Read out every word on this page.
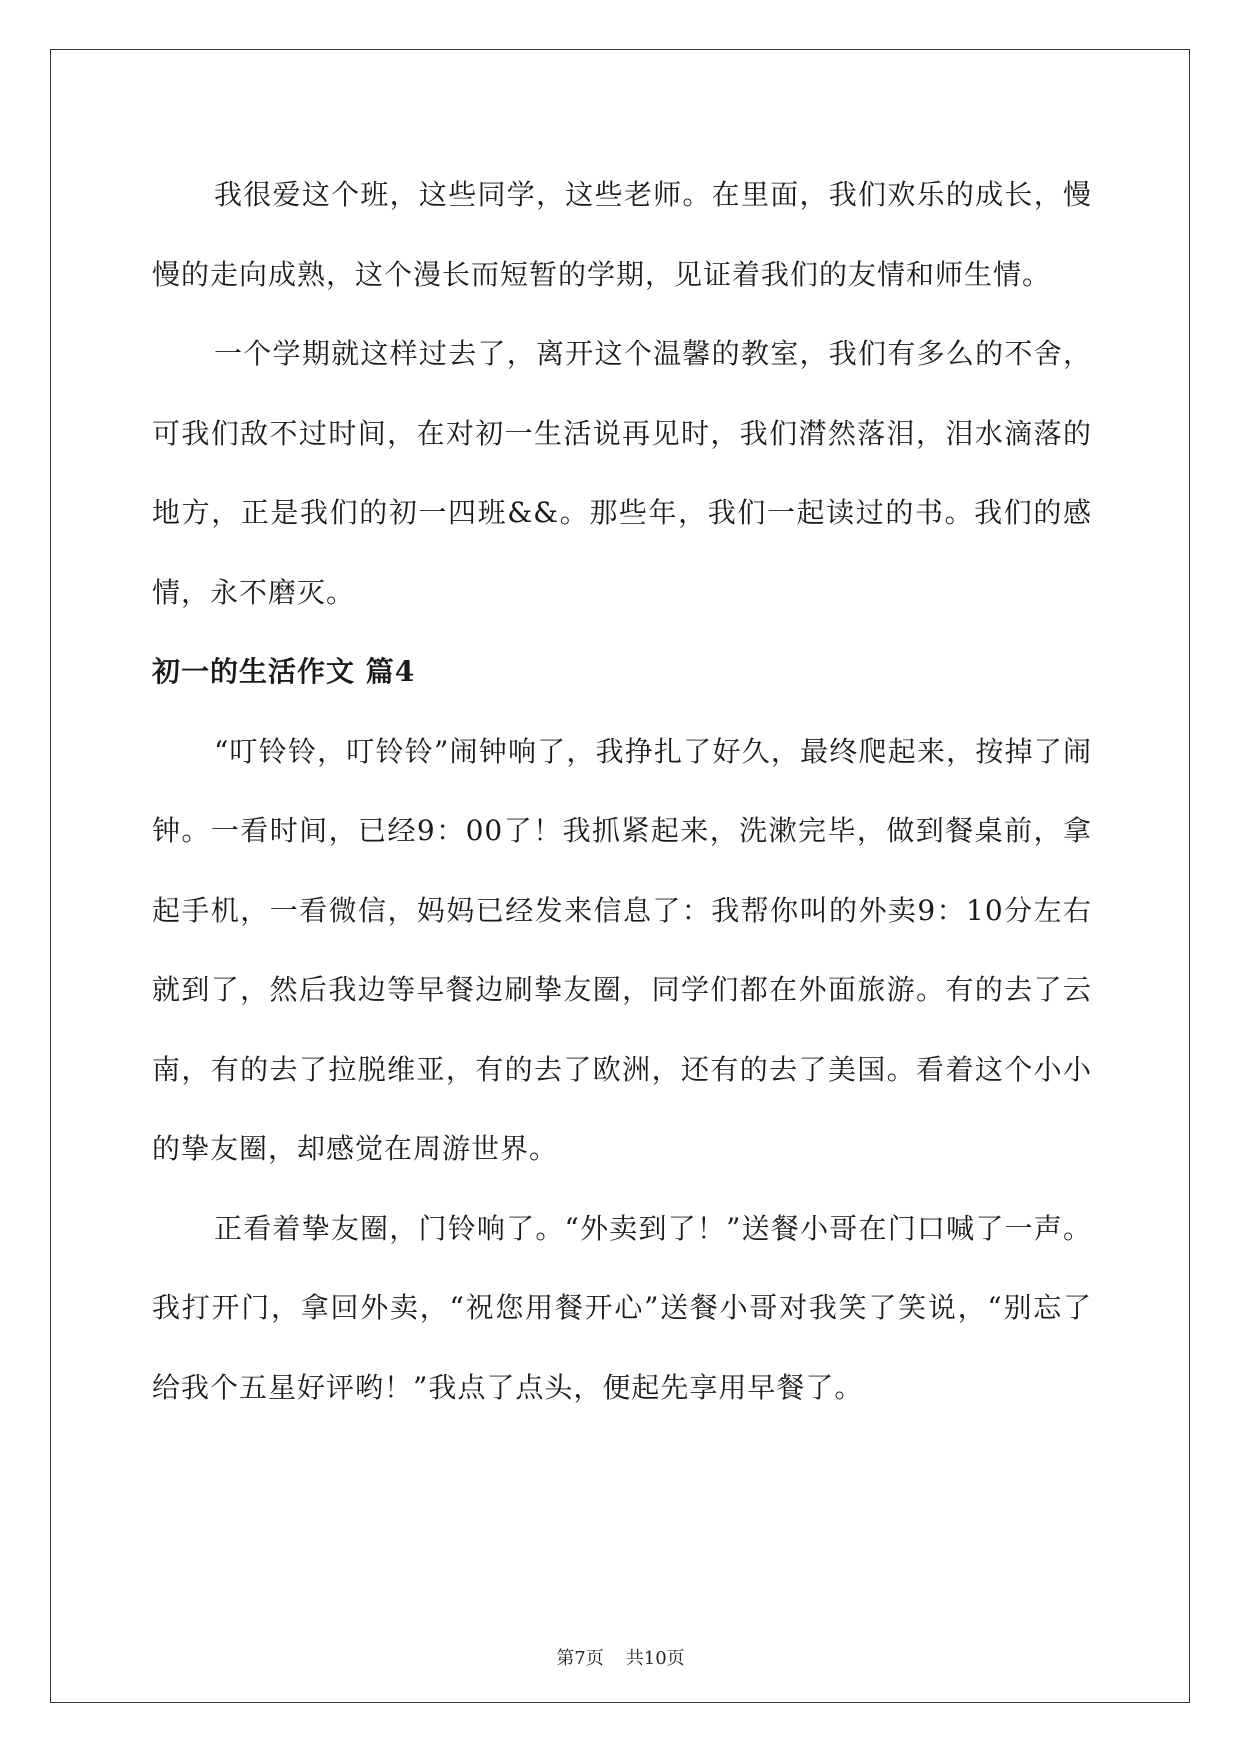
我很爱这个班，这些同学，这些老师。在里面，我们欢乐的成长，慢慢的走向成熟，这个漫长而短暂的学期，见证着我们的友情和师生情。

一个学期就这样过去了，离开这个温馨的教室，我们有多么的不舍，可我们敌不过时间，在对初一生活说再见时，我们潸然落泪，泪水滴落的地方，正是我们的初一四班&&。那些年，我们一起读过的书。我们的感情，永不磨灭。

初一的生活作文 篇4

“叮铃铃，叮铃铃”闹钟响了，我挣扎了好久，最终爬起来，按掉了闹钟。一看时间，已经9：00了！我抓紧起来，洗漱完毕，做到餐桌前，拿起手机，一看微信，妈妈已经发来信息了：我帮你叫的外卖9：10分左右就到了，然后我边等早餐边刷挚友圈，同学们都在外面旅游。有的去了云南，有的去了拉脱维亚，有的去了欧洲，还有的去了美国。看着这个小小的挚友圈，却感觉在周游世界。

正看着挚友圈，门铃响了。“外卖到了！”送餐小哥在门口喊了一声。我打开门，拿回外卖，“祝您用餐开心”送餐小哥对我笑了笑说，“别忘了给我个五星好评哟！”我点了点头，便起先享用早餐了。

第7页 共10页
